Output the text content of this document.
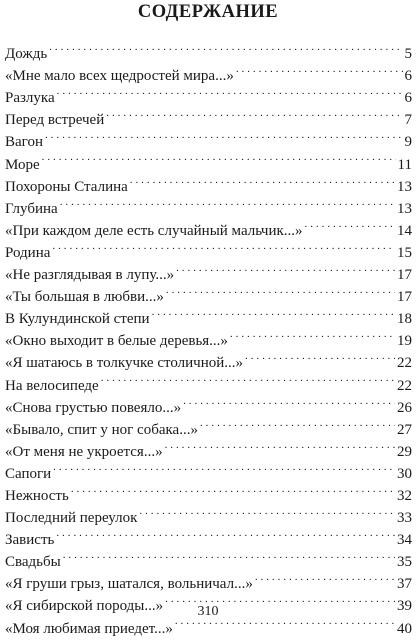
СОДЕРЖАНИЕ
Дождь . . .	5
«Мне мало всех щедростей мира...» . . .	6
Разлука . . .	6
Перед встречей . . .	7
Вагон . . .	9
Море . . .	11
Похороны Сталина . . .	13
Глубина . . .	13
«При каждом деле есть случайный мальчик...» . . .	14
Родина . . .	15
«Не разглядывая в лупу...» . . .	17
«Ты большая в любви...» . . .	17
В Кулундинской степи . . .	18
«Окно выходит в белые деревья...» . . .	19
«Я шатаюсь в толкучке столичной...» . . .	22
На велосипеде . . .	22
«Снова грустью повеяло...» . . .	26
«Бывало, спит у ног собака...» . . .	27
«От меня не укроется...» . . .	29
Сапоги . . .	30
Нежность . . .	32
Последний переулок . . .	33
Зависть . . .	34
Свадьбы . . .	35
«Я груши грыз, шатался, вольничал...» . . .	37
«Я сибирской породы...» . . .	39
«Моя любимая приедет...» . . .	40
310
